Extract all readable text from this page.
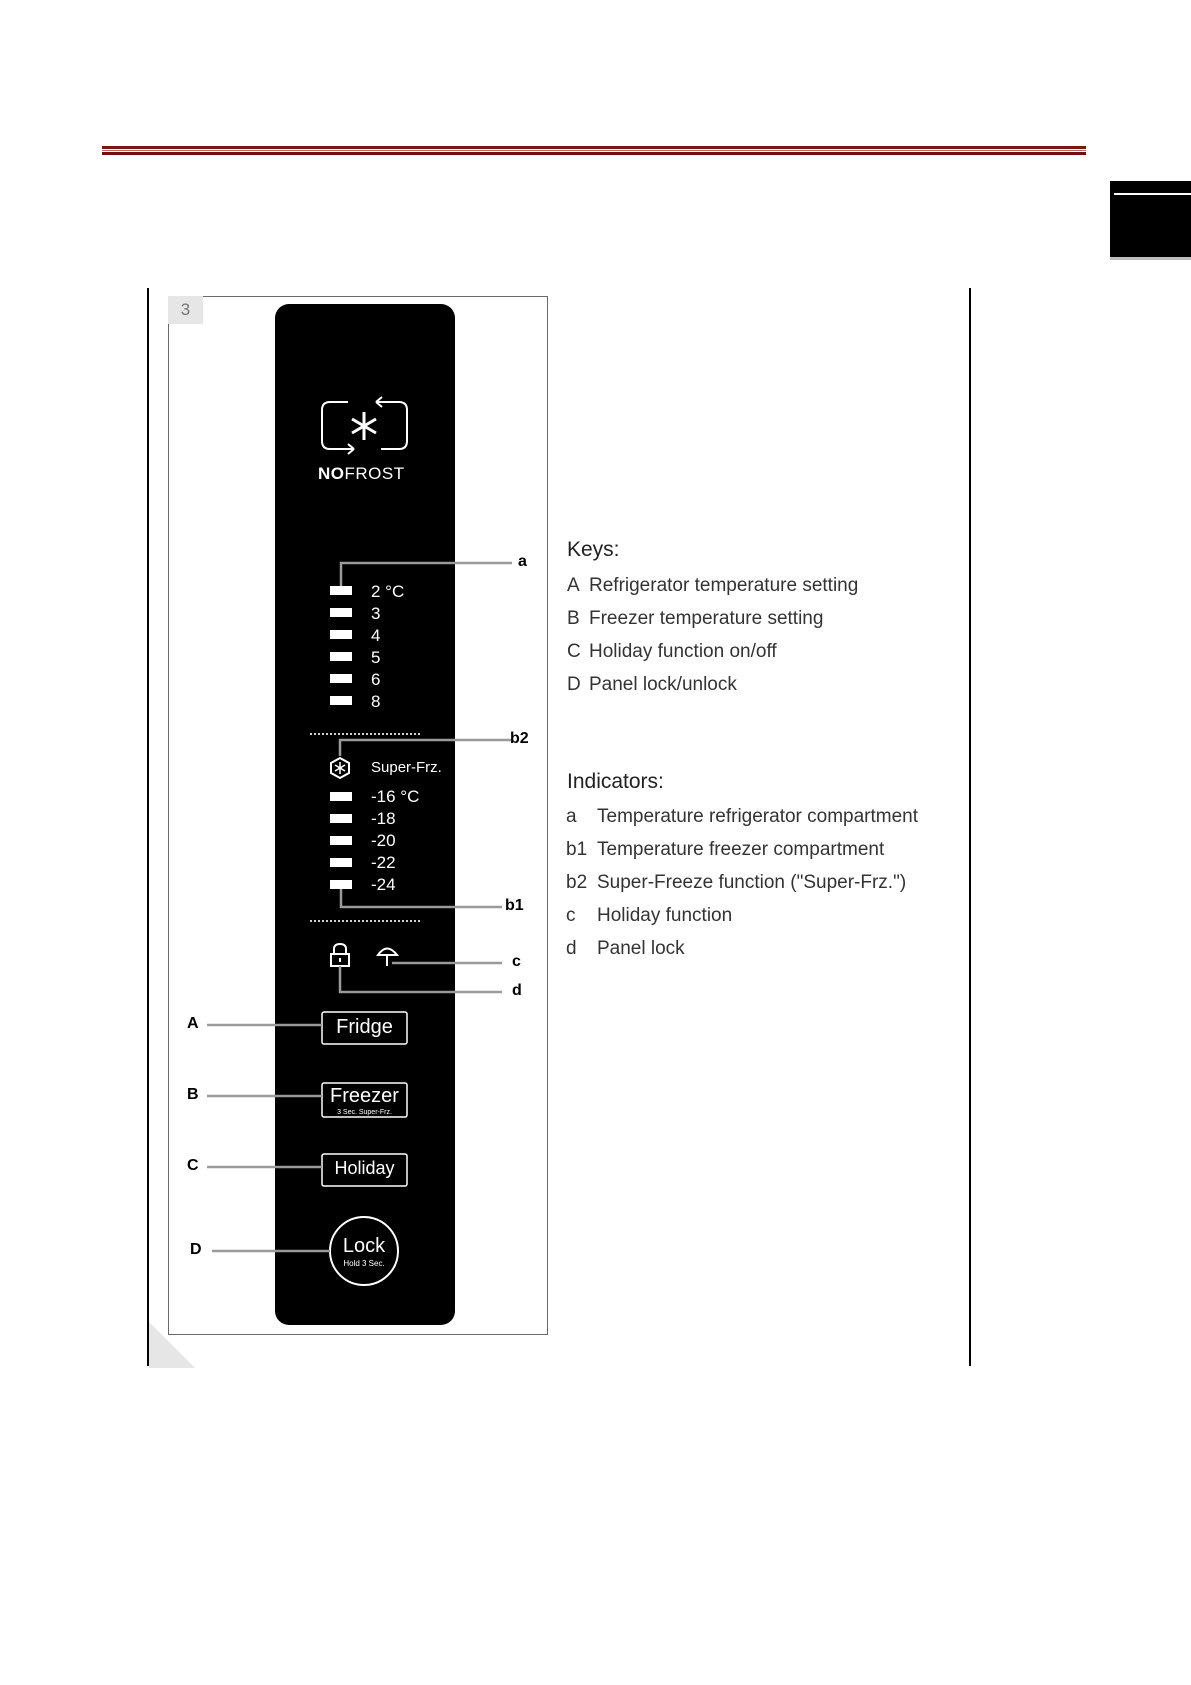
3
NOFROST
2 °C
3
4
5
6
8
Super-Frz.
-16 °C
-18
-20
-22
-24
Fridge
Freezer
3 Sec. Super-Frz.
Holiday
Lock
Hold 3 Sec.
a
b2
b1
c
d
A
B
C
D
Keys:
A Refrigerator temperature setting
B Freezer temperature setting
C Holiday function on/off
D Panel lock/unlock
Indicators:
a Temperature refrigerator compartment
b1 Temperature freezer compartment
b2 Super-Freeze function ("Super-Frz.")
c Holiday function
d Panel lock
